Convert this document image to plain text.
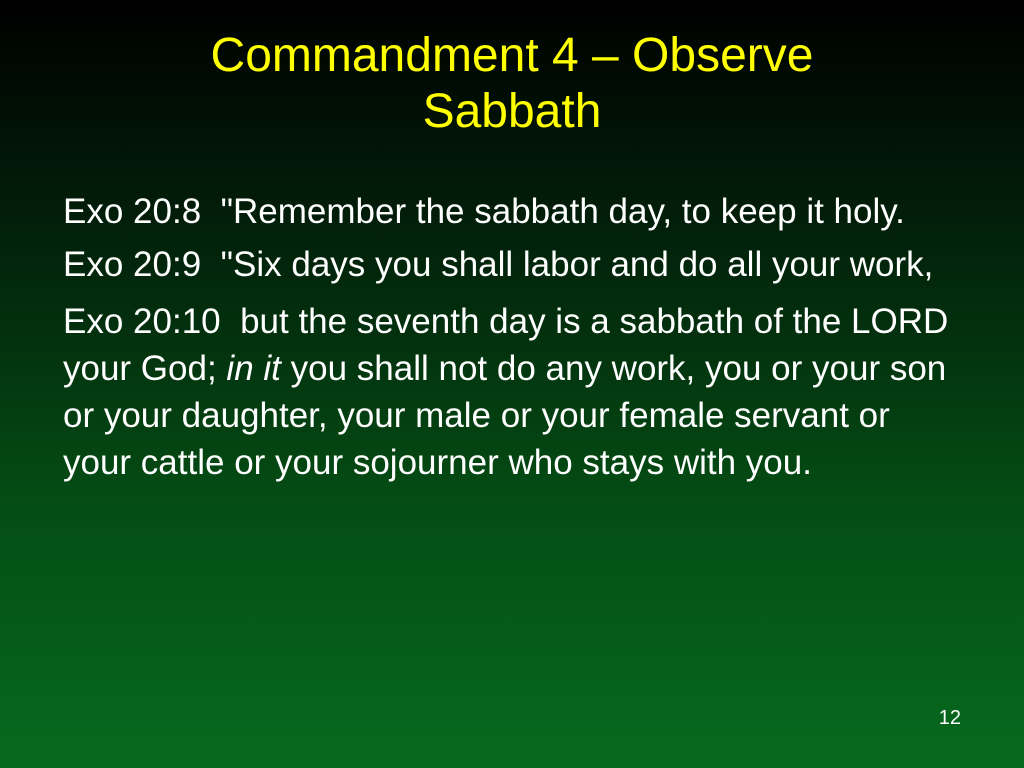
Commandment 4 – Observe
Sabbath

Exo 20:8  "Remember the sabbath day, to keep it holy.

Exo 20:9  "Six days you shall labor and do all your work,

Exo 20:10  but the seventh day is a sabbath of the LORD your God; in it you shall not do any work, you or your son or your daughter, your male or your female servant or your cattle or your sojourner who stays with you.

12
